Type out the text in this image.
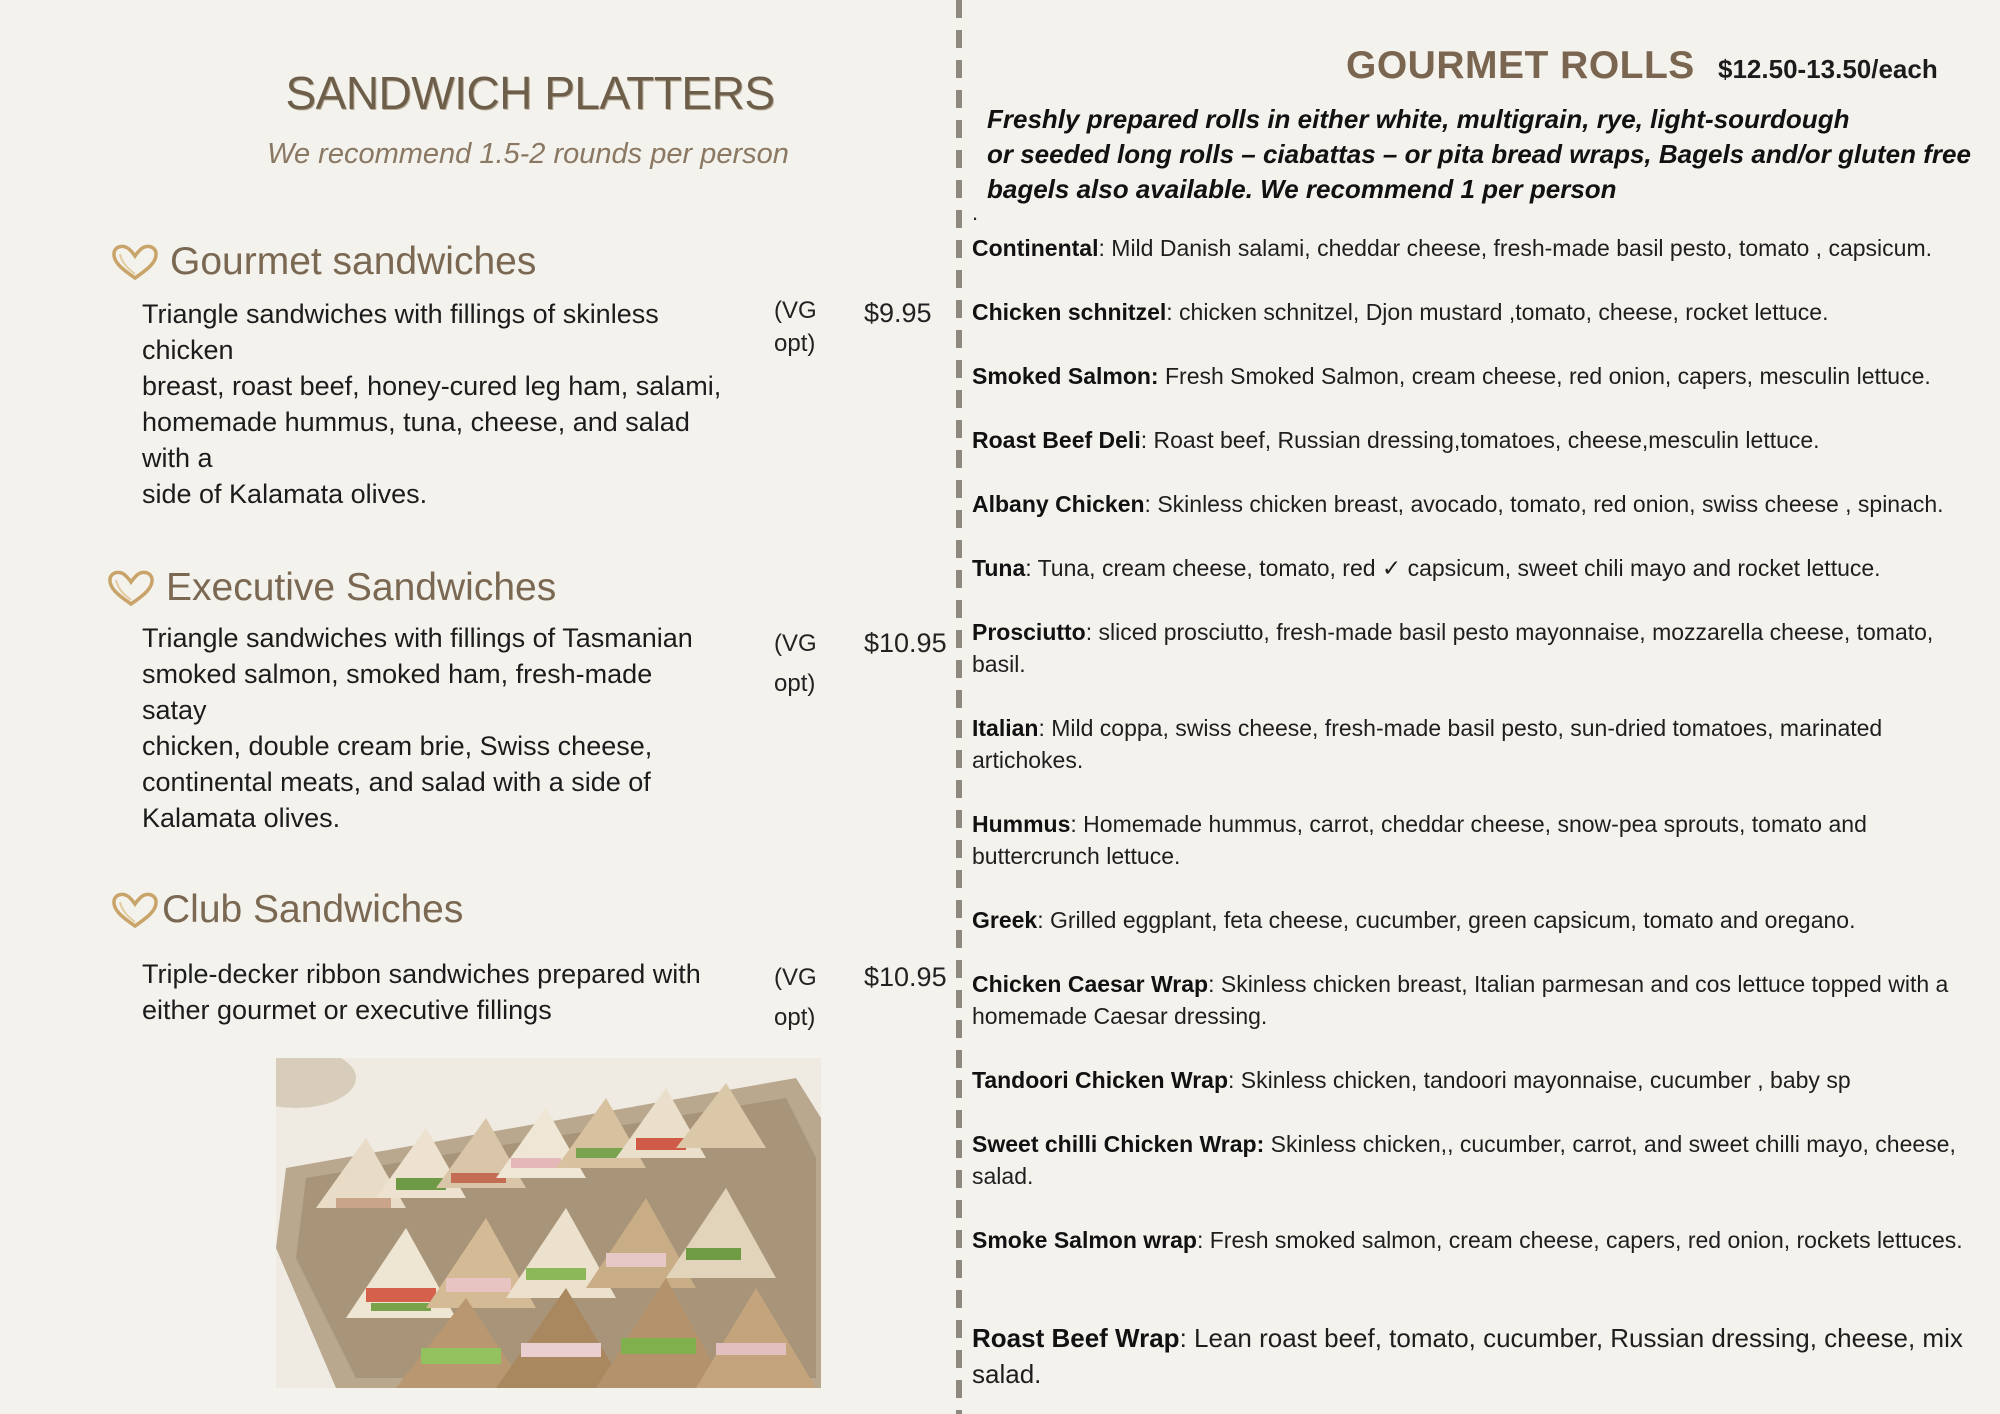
SANDWICH PLATTERS
We recommend 1.5-2 rounds per person
Gourmet sandwiches
Triangle sandwiches with fillings of skinless
chicken
breast, roast beef, honey-cured leg ham, salami,
homemade hummus, tuna, cheese, and salad
with a
side of Kalamata olives.
(VG
opt)
$9.95
Executive Sandwiches
Triangle sandwiches with fillings of Tasmanian
smoked salmon, smoked ham, fresh-made
satay
chicken, double cream brie, Swiss cheese,
continental meats, and salad with a side of
Kalamata olives.
(VG
opt)
$10.95
Club Sandwiches
Triple-decker ribbon sandwiches prepared with
either gourmet or executive fillings
(VG
opt)
$10.95
GOURMET ROLLS $12.50-13.50/each
Freshly prepared rolls in either white, multigrain, rye, light-sourdough
or seeded long rolls – ciabattas – or pita bread wraps, Bagels and/or gluten free
bagels also available. We recommend 1 per person
.
Continental: Mild Danish salami, cheddar cheese, fresh-made basil pesto, tomato , capsicum.
Chicken schnitzel: chicken schnitzel, Djon mustard ,tomato, cheese, rocket lettuce.
Smoked Salmon: Fresh Smoked Salmon, cream cheese, red onion, capers, mesculin lettuce.
Roast Beef Deli: Roast beef, Russian dressing,tomatoes, cheese,mesculin lettuce.
Albany Chicken: Skinless chicken breast, avocado, tomato, red onion, swiss cheese , spinach.
Tuna: Tuna, cream cheese, tomato, red ✓ capsicum, sweet chili mayo and rocket lettuce.
Prosciutto: sliced prosciutto, fresh-made basil pesto mayonnaise, mozzarella cheese, tomato, basil.
Italian: Mild coppa, swiss cheese, fresh-made basil pesto, sun-dried tomatoes, marinated artichokes.
Hummus: Homemade hummus, carrot, cheddar cheese, snow-pea sprouts, tomato and buttercrunch lettuce.
Greek: Grilled eggplant, feta cheese, cucumber, green capsicum, tomato and oregano.
Chicken Caesar Wrap: Skinless chicken breast, Italian parmesan and cos lettuce topped with a homemade Caesar dressing.
Tandoori Chicken Wrap: Skinless chicken, tandoori mayonnaise, cucumber , baby sp
Sweet chilli Chicken Wrap: Skinless chicken,, cucumber, carrot, and sweet chilli mayo, cheese, salad.
Smoke Salmon wrap: Fresh smoked salmon, cream cheese, capers, red onion, rockets lettuces.
Roast Beef Wrap: Lean roast beef, tomato, cucumber, Russian dressing, cheese, mix salad.
